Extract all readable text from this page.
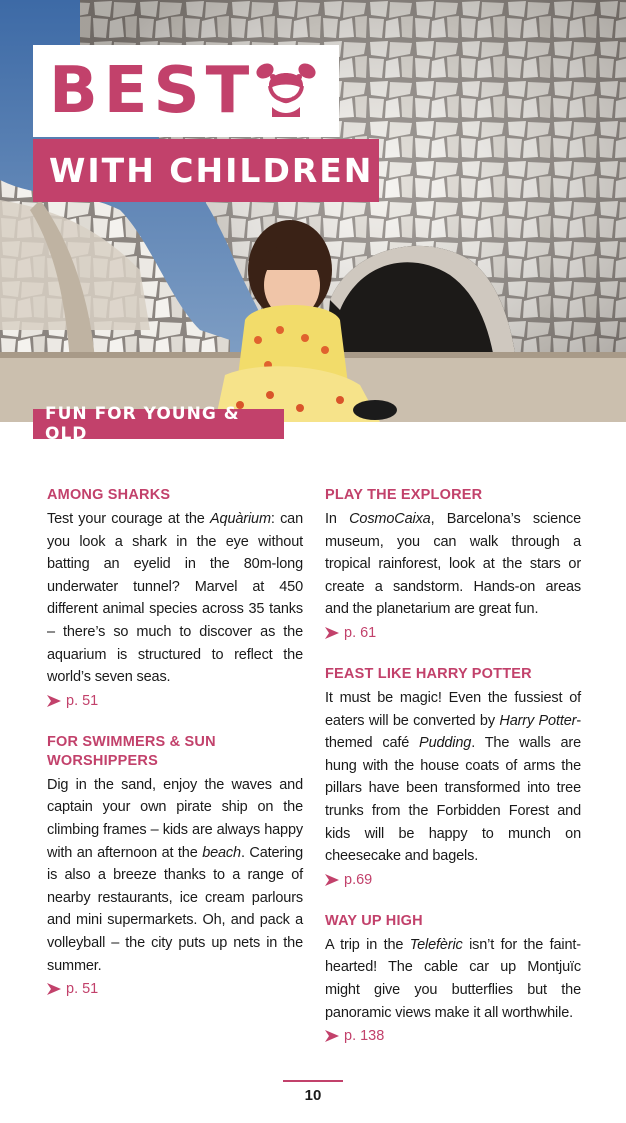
BEST
WITH CHILDREN
FUN FOR YOUNG & OLD
AMONG SHARKS

Test your courage at the Aquàrium: can you look a shark in the eye without batting an eyelid in the 80m-long underwater tunnel? Marvel at 450 different animal species across 35 tanks – there’s so much to discover as the aquarium is structured to reflect the world’s seven seas.

p. 51
FOR SWIMMERS & SUN WORSHIPPERS

Dig in the sand, enjoy the waves and captain your own pirate ship on the climbing frames – kids are always happy with an afternoon at the beach. Catering is also a breeze thanks to a range of nearby restaurants, ice cream parlours and mini supermarkets. Oh, and pack a volleyball – the city puts up nets in the summer.

p. 51
PLAY THE EXPLORER

In CosmoCaixa, Barcelona’s science museum, you can walk through a tropical rainforest, look at the stars or create a sandstorm. Hands-on areas and the planetarium are great fun.

p. 61
FEAST LIKE HARRY POTTER

It must be magic! Even the fussiest of eaters will be converted by Harry Potter-themed café Pudding. The walls are hung with the house coats of arms the pillars have been transformed into tree trunks from the Forbidden Forest and kids will be happy to munch on cheesecake and bagels.

p.69
WAY UP HIGH

A trip in the Telefèric isn’t for the faint-hearted! The cable car up Montjuïc might give you butterflies but the panoramic views make it all worthwhile.

p. 138
10
